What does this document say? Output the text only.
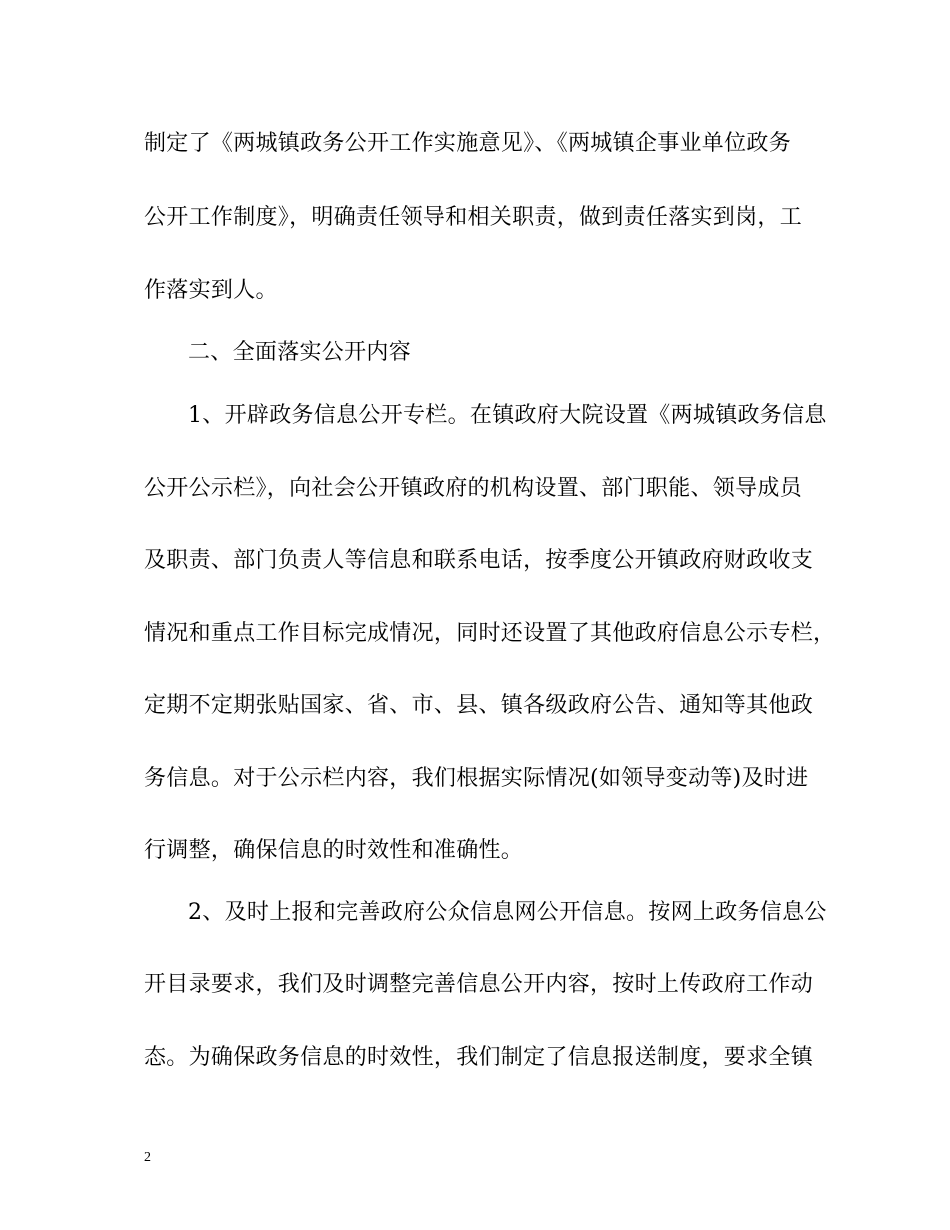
制定了《两城镇政务公开工作实施意见》、《两城镇企事业单位政务
公开工作制度》，明确责任领导和相关职责，做到责任落实到岗，工
作落实到人。
二、全面落实公开内容
1、开辟政务信息公开专栏。在镇政府大院设置《两城镇政务信息
公开公示栏》，向社会公开镇政府的机构设置、部门职能、领导成员
及职责、部门负责人等信息和联系电话，按季度公开镇政府财政收支
情况和重点工作目标完成情况，同时还设置了其他政府信息公示专栏，
定期不定期张贴国家、省、市、县、镇各级政府公告、通知等其他政
务信息。对于公示栏内容，我们根据实际情况(如领导变动等)及时进
行调整，确保信息的时效性和准确性。
2、及时上报和完善政府公众信息网公开信息。按网上政务信息公
开目录要求，我们及时调整完善信息公开内容，按时上传政府工作动
态。为确保政务信息的时效性，我们制定了信息报送制度，要求全镇
2
